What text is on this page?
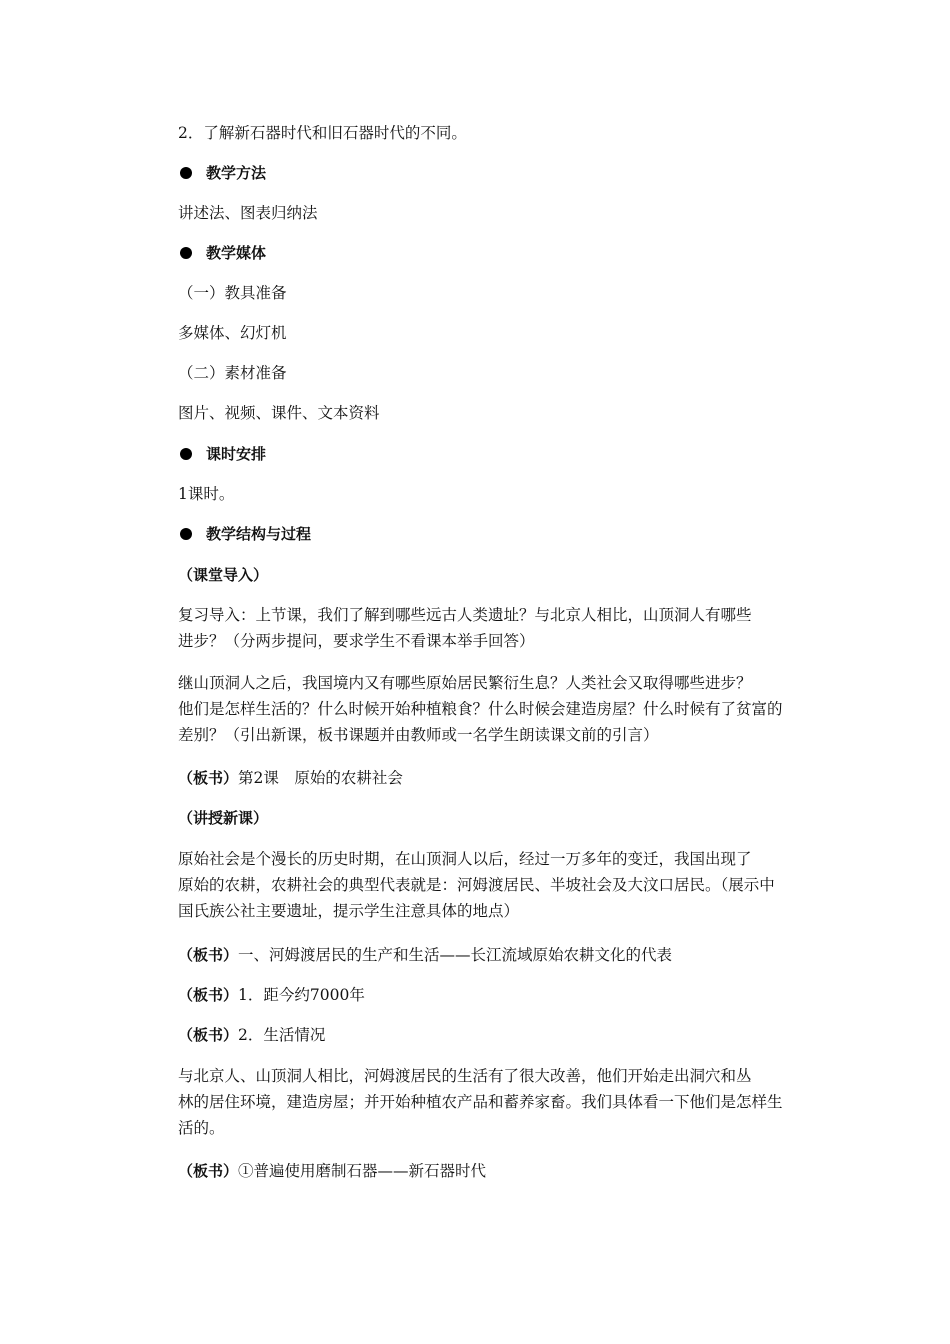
2．了解新石器时代和旧石器时代的不同。
教学方法
讲述法、图表归纳法
教学媒体
（一）教具准备
多媒体、幻灯机
（二）素材准备
图片、视频、课件、文本资料
课时安排
1课时。
教学结构与过程
（课堂导入）
复习导入：上节课，我们了解到哪些远古人类遗址？与北京人相比，山顶洞人有哪些
进步？（分两步提问，要求学生不看课本举手回答）
继山顶洞人之后，我国境内又有哪些原始居民繁衍生息？人类社会又取得哪些进步？
他们是怎样生活的？什么时候开始种植粮食？什么时候会建造房屋？什么时候有了贫富的
差别？（引出新课，板书课题并由教师或一名学生朗读课文前的引言）
（板书）第2课　原始的农耕社会
（讲授新课）
原始社会是个漫长的历史时期，在山顶洞人以后，经过一万多年的变迁，我国出现了
原始的农耕，农耕社会的典型代表就是：河姆渡居民、半坡社会及大汶口居民。（展示中
国氏族公社主要遗址，提示学生注意具体的地点）
（板书）一、河姆渡居民的生产和生活——长江流域原始农耕文化的代表
（板书）1．距今约7000年
（板书）2．生活情况
与北京人、山顶洞人相比，河姆渡居民的生活有了很大改善，他们开始走出洞穴和丛
林的居住环境，建造房屋；并开始种植农产品和蓄养家畜。我们具体看一下他们是怎样生
活的。
（板书）①普遍使用磨制石器——新石器时代
